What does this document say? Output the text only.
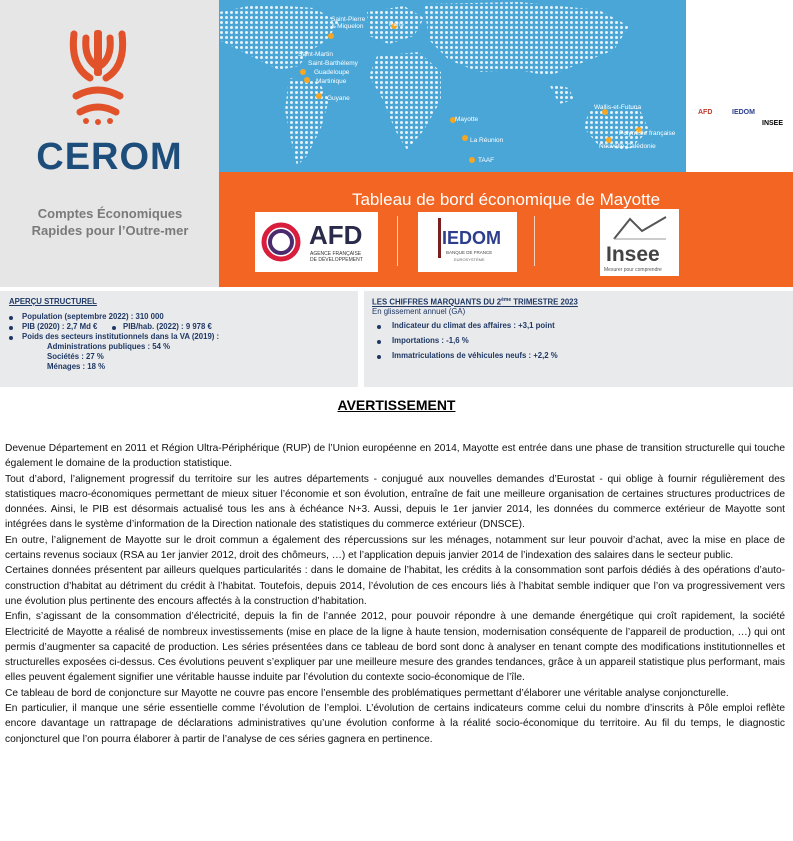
CEROM
Comptes Économiques
Rapides pour l’Outre-mer
Saint-Pierre
& Miquelon	Paris
Saint-Martin
Saint-Barthélemy
Guadeloupe
Martinique
Guyane
Mayotte
La Réunion
TAAF
Wallis-et-Futuna
Polynésie française
Nouvelle-Calédonie
AFD	IEDOM
INSEE
Tableau de bord économique de Mayotte
AFD
AGENCE FRANÇAISE
DE DÉVELOPPEMENT
IEDOM
BANQUE DE FRANCE
EUROSYSTÈME	Insee
Mesurer pour comprendre
APERÇU STRUCTUREL
Population (septembre 2022) : 310 000
PIB (2020) : 2,7 Md €	PIB/hab. (2022) : 9 978 €
Poids des secteurs institutionnels dans la VA (2019) :
Administrations publiques : 54 %
Sociétés : 27 %
Ménages : 18 %
LES CHIFFRES MARQUANTS DU 2ème TRIMESTRE 2023
En glissement annuel (GA)
Indicateur du climat des affaires : +3,1 point
Importations : -1,6 %
Immatriculations de véhicules neufs : +2,2 %
AVERTISSEMENT

Devenue Département en 2011 et Région Ultra-Périphérique (RUP) de l’Union européenne en 2014, Mayotte est entrée dans une phase de transition structurelle qui touche également le domaine de la production statistique.

Tout d’abord, l’alignement progressif du territoire sur les autres départements - conjugué aux nouvelles demandes d’Eurostat - qui oblige à fournir régulièrement des statistiques macro-économiques permettant de mieux situer l’économie et son évolution, entraîne de fait une meilleure organisation de certaines structures productrices de données. Ainsi, le PIB est désormais actualisé tous les ans à échéance N+3. Aussi, depuis le 1er janvier 2014, les données du commerce extérieur de Mayotte sont intégrées dans le système d’information de la Direction nationale des statistiques du commerce extérieur (DNSCE).

En outre, l’alignement de Mayotte sur le droit commun a également des répercussions sur les ménages, notamment sur leur pouvoir d’achat, avec la mise en place de certains revenus sociaux (RSA au 1er janvier 2012, droit des chômeurs, …) et l’application depuis janvier 2014 de l’indexation des salaires dans le secteur public.

Certaines données présentent par ailleurs quelques particularités : dans le domaine de l’habitat, les crédits à la consommation sont parfois dédiés à des opérations d’auto-construction d’habitat au détriment du crédit à l’habitat. Toutefois, depuis 2014, l’évolution de ces encours liés à l’habitat semble indiquer que l’on va progressivement vers une évolution plus pertinente des encours affectés à la construction d’habitation.

Enfin, s’agissant de la consommation d’électricité, depuis la fin de l’année 2012, pour pouvoir répondre à une demande énergétique qui croît rapidement, la société Electricité de Mayotte a réalisé de nombreux investissements (mise en place de la ligne à haute tension, modernisation conséquente de l’appareil de production, …) qui ont permis d’augmenter sa capacité de production. Les séries présentées dans ce tableau de bord sont donc à analyser en tenant compte des modifications institutionnelles et structurelles exposées ci-dessus. Ces évolutions peuvent s’expliquer par une meilleure mesure des grandes tendances, grâce à un appareil statistique plus performant, mais elles peuvent également signifier une véritable hausse induite par l’évolution du contexte socio-économique de l’île.

Ce tableau de bord de conjoncture sur Mayotte ne couvre pas encore l’ensemble des problématiques permettant d’élaborer une véritable analyse conjoncturelle.

En particulier, il manque une série essentielle comme l’évolution de l’emploi. L’évolution de certains indicateurs comme celui du nombre d’inscrits à Pôle emploi reflète encore davantage un rattrapage de déclarations administratives qu’une évolution conforme à la réalité socio-économique du territoire. Au fil du temps, le diagnostic conjoncturel que l’on pourra élaborer à partir de l’analyse de ces séries gagnera en pertinence.
